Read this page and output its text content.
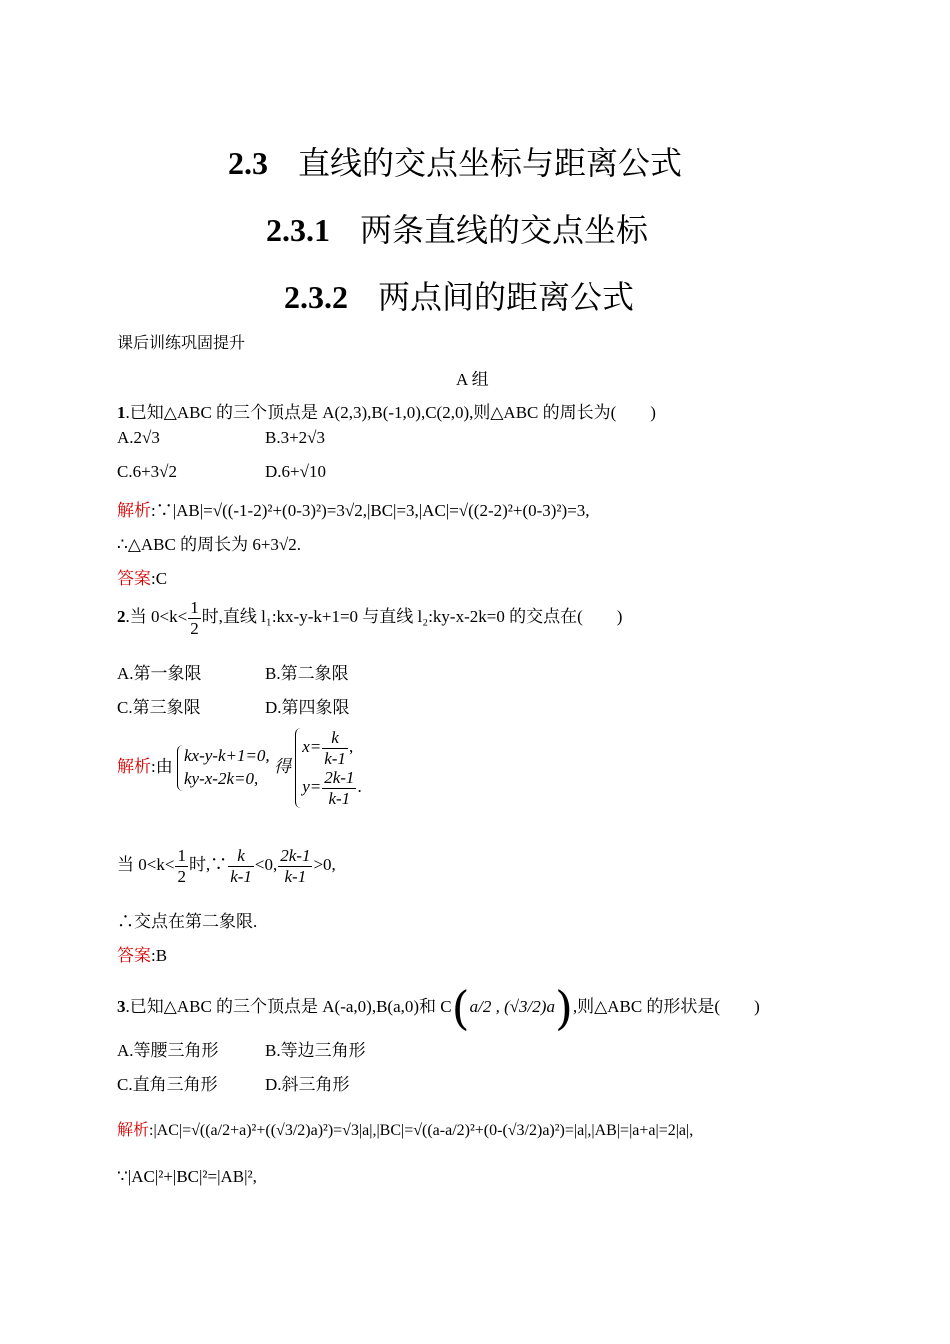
2.3 直线的交点坐标与距离公式
2.3.1 两条直线的交点坐标
2.3.2 两点间的距离公式
课后训练巩固提升
A 组
1.已知△ABC 的三个顶点是 A(2,3),B(-1,0),C(2,0),则△ABC 的周长为(　　)
A.2√3	B.3+2√3
C.6+3√2	D.6+√10
解析:∵|AB|=√((-1-2)²+(0-3)²)=3√2,|BC|=3,|AC|=√((2-2)²+(0-3)²)=3,
∴△ABC 的周长为 6+3√2.
答案:C
2.当 $0<k< \frac{1}{2}$ 时,直线 l₁:kx-y-k+1=0 与直线 l₂:ky-x-2k=0 的交点在(　　)
A.第一象限	B.第二象限
C.第三象限	D.第四象限
解析:由
kx-y-k+1=0,
ky-x-2k=0,
得
$x= \frac{k}{k-1}$ ,
$y= \frac{2k-1}{k-1}$ .
当 $0<k< \frac{1}{2}$ 时,∵ $\frac{k}{k-1} <0$, $\frac{2k-1}{k-1} >0$,
∴交点在第二象限.
答案:B
3.已知△ABC 的三个顶点是 A(-a,0),B(a,0)和 C(a/2 , (√3/2)a),则△ABC 的形状是(　　)
A.等腰三角形	B.等边三角形
C.直角三角形	D.斜三角形
解析:|AC|=√((a/2+a)²+((√3/2)a)²)=√3|a|,|BC|=√((a-a/2)²+(0-(√3/2)a)²)=|a|,|AB|=|a+a|=2|a|,
∵|AC|²+|BC|²=|AB|²,
